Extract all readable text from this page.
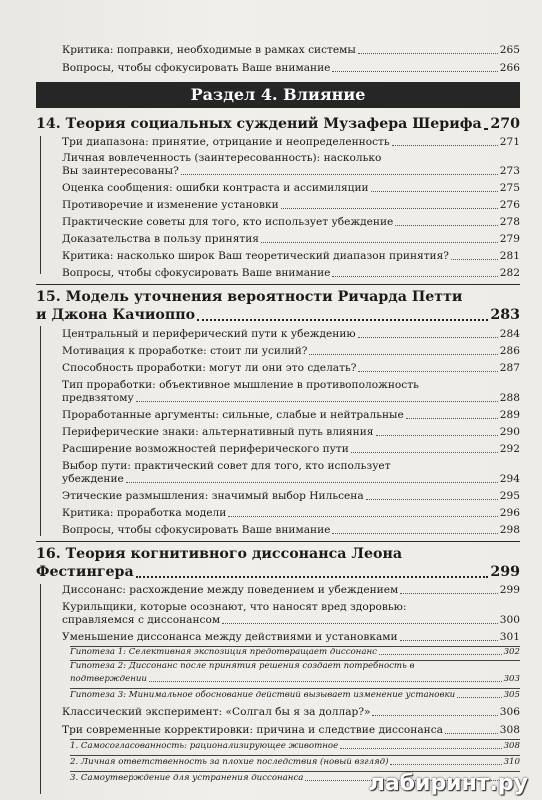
Критика: поправки, необходимые в рамках системы	265
Вопросы, чтобы сфокусировать Ваше внимание	266
Раздел 4. Влияние
14. Теория социальных суждений Музафера Шерифа 270
Три диапазона: принятие, отрицание и неопределенность	271
Личная вовлеченность (заинтересованность): насколько
Вы заинтересованы?	273
Оценка сообщения: ошибки контраста и ассимиляции	275
Противоречие и изменение установки	276
Практические советы для того, кто использует убеждение	278
Доказательства в пользу принятия	279
Критика: насколько широк Ваш теоретический диапазон принятия?	281
Вопросы, чтобы сфокусировать Ваше внимание	282
15. Модель уточнения вероятности Ричарда Петти
и Джона Качиоппо	283
Центральный и периферический пути к убеждению	284
Мотивация к проработке: стоит ли усилий?	286
Способность проработки: могут ли они это сделать?	287
Тип проработки: объективное мышление в противоположность
предвзятому	288
Проработанные аргументы: сильные, слабые и нейтральные	289
Периферические знаки: альтернативный путь влияния	290
Расширение возможностей периферического пути	292
Выбор пути: практический совет для того, кто использует
убеждение	294
Этические размышления: значимый выбор Нильсена	295
Критика: проработка модели	296
Вопросы, чтобы сфокусировать Ваше внимание	298
16. Теория когнитивного диссонанса Леона
Фестингера	299
Диссонанс: расхождение между поведением и убеждением	299
Курильщики, которые осознают, что наносят вред здоровью:
справляемся с диссонансом	300
Уменьшение диссонанса между действиями и установками	301
Гипотеза 1: Селективная экспозиция предотвращает диссонанс	302
Гипотеза 2: Диссонанс после принятия решения создает потребность в
подтверждении	303
Гипотеза 3: Минимальное обоснование действий вызывает изменение установки	305
Классический эксперимент: «Солгал бы я за доллар?»	306
Три современные корректировки: причина и следствие диссонанса	308
1. Самосогласованность: рационализирующее животное	308
2. Личная ответственность за плохие последствия (новый взгляд)	310
3. Самоутверждение для устранения диссонанса	лабиринт.ру
